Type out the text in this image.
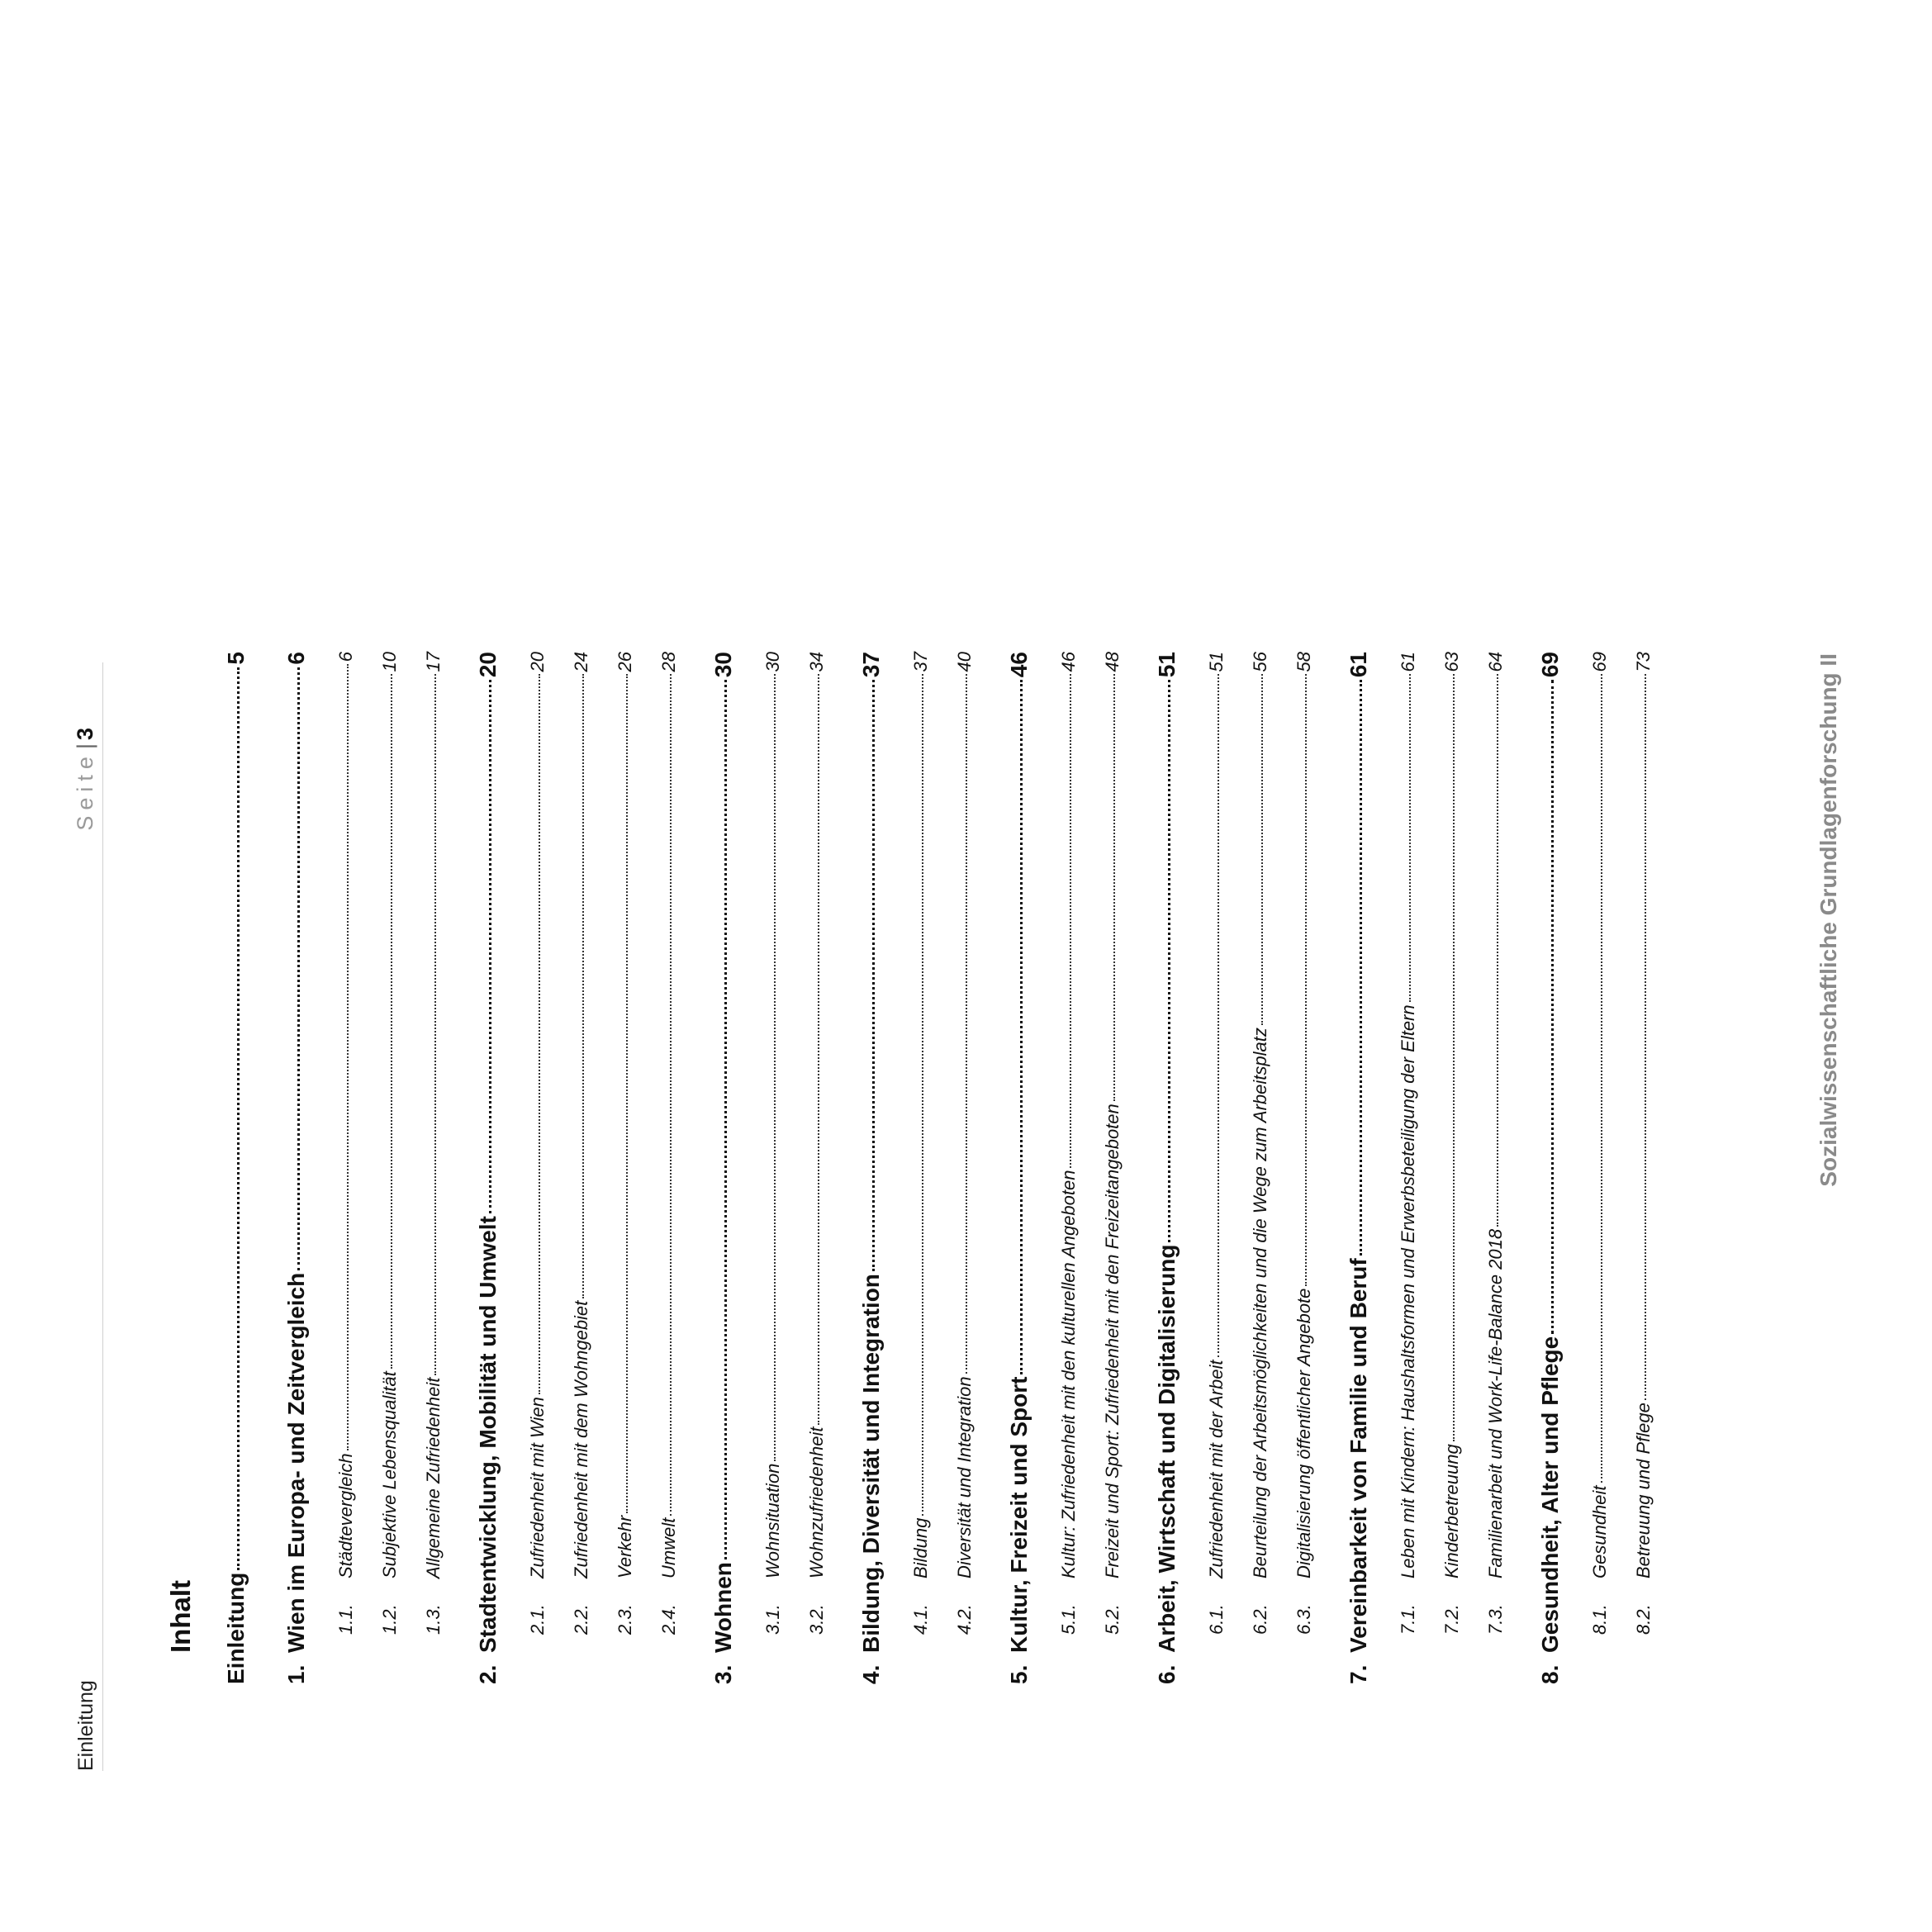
Einleitung
Seite|3
Inhalt Einleitung
5
1.Wien im Europa- und Zeitvergleich
6
1.1.Städtevergleich
6
1.2.Subjektive Lebensqualität
10
1.3.Allgemeine Zufriedenheit
17
2.Stadtentwicklung, Mobilität und Umwelt
20
2.1.Zufriedenheit mit Wien
20
2.2.Zufriedenheit mit dem Wohngebiet
24
2.3.Verkehr
26
2.4.Umwelt
28
3.Wohnen
30
3.1.Wohnsituation
30
3.2.Wohnzufriedenheit
34
4.Bildung, Diversität und Integration
37
4.1.Bildung
37
4.2.Diversität und Integration
40
5.Kultur, Freizeit und Sport
46
5.1.Kultur: Zufriedenheit mit den kulturellen Angeboten
46
5.2.Freizeit und Sport: Zufriedenheit mit den Freizeitangeboten
48
6.Arbeit, Wirtschaft und Digitalisierung
51
6.1.Zufriedenheit mit der Arbeit
51
6.2.Beurteilung der Arbeitsmöglichkeiten und die Wege zum Arbeitsplatz
56
6.3.Digitalisierung öffentlicher Angebote
58
7.Vereinbarkeit von Familie und Beruf
61
7.1.Leben mit Kindern: Haushaltsformen und Erwerbsbeteiligung der Eltern
61
7.2.Kinderbetreuung
63
7.3.Familienarbeit und Work-Life-Balance 2018
64
8.Gesundheit, Alter und Pflege
69
8.1.Gesundheit
69
8.2.Betreuung und Pflege
73	Sozialwissenschaftliche Grundlagenforschung II
